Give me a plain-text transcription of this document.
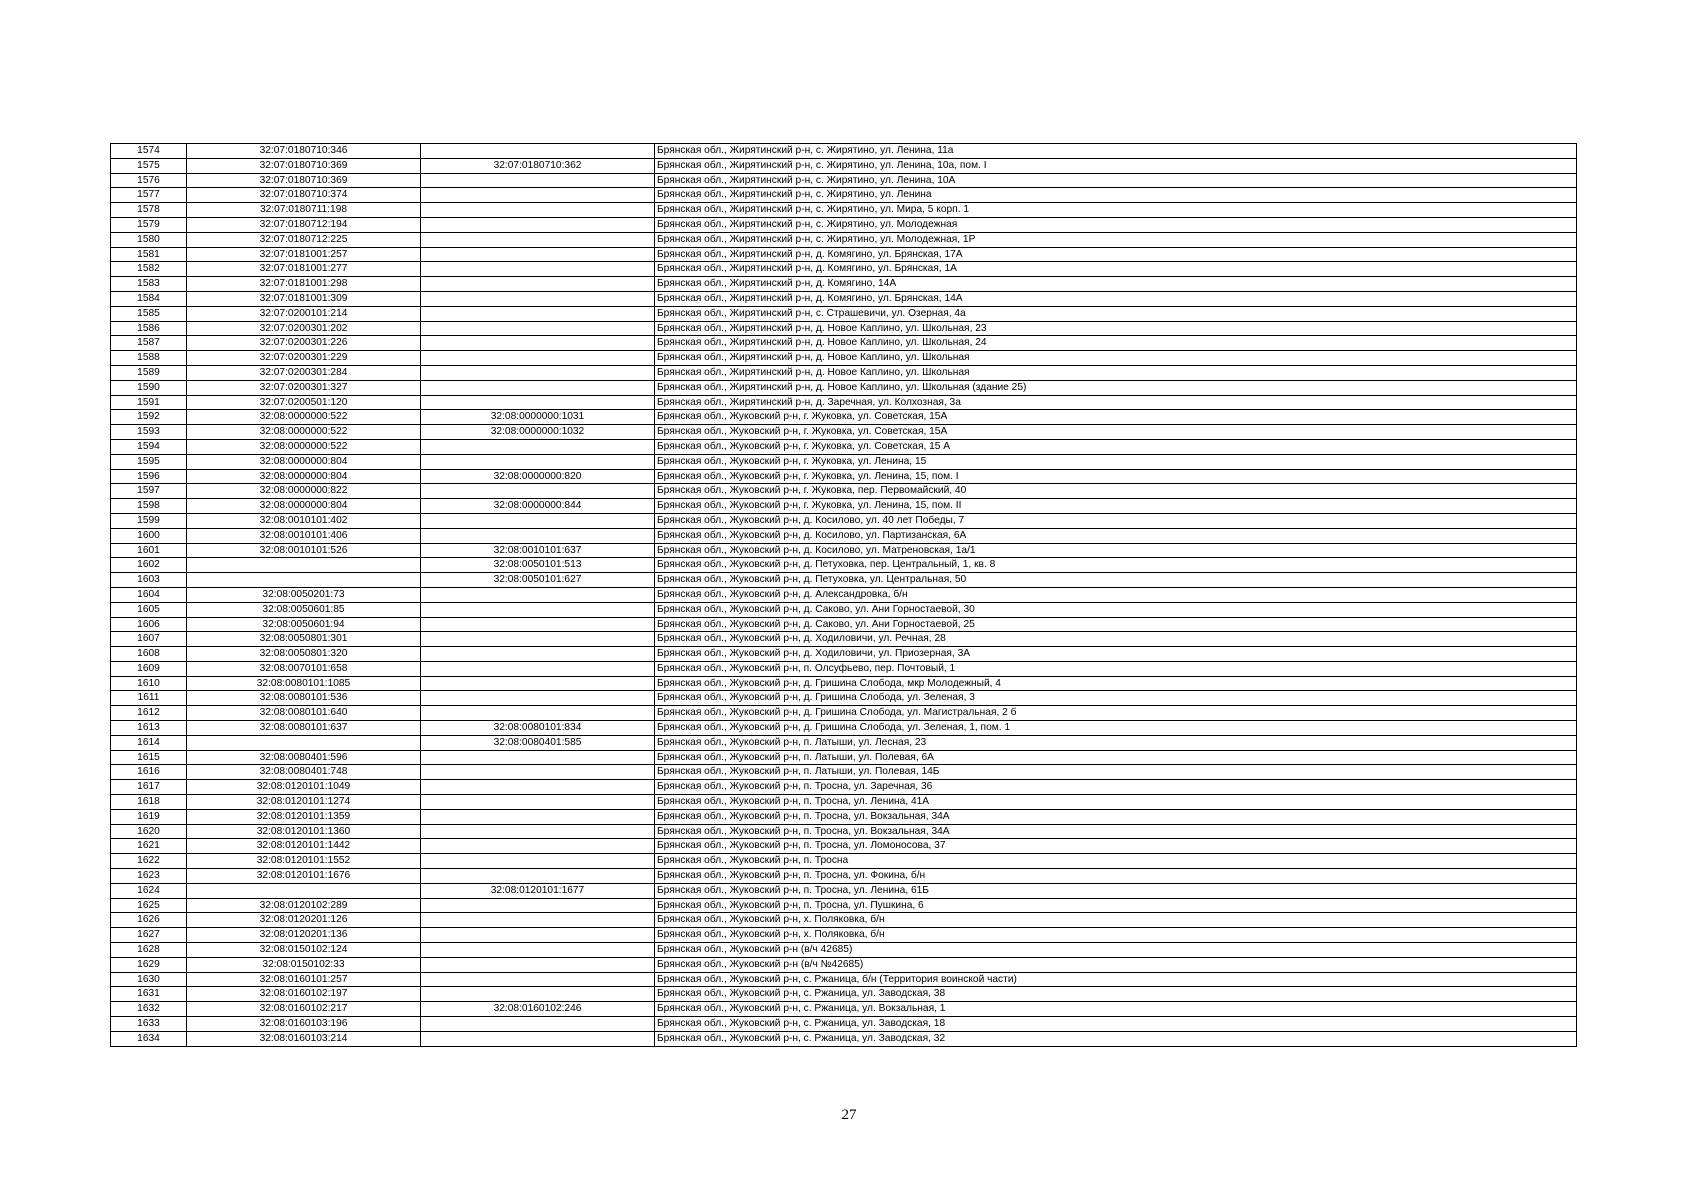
1574	32:07:0180710:346		Брянская обл., Жирятинский р-н, с. Жирятино, ул. Ленина, 11а
1575	32:07:0180710:369	32:07:0180710:362	Брянская обл., Жирятинский р-н, с. Жирятино, ул. Ленина, 10а, пом. I
1576	32:07:0180710:369		Брянская обл., Жирятинский р-н, с. Жирятино, ул. Ленина, 10А
1577	32:07:0180710:374		Брянская обл., Жирятинский р-н, с. Жирятино, ул. Ленина
1578	32:07:0180711:198		Брянская обл., Жирятинский р-н, с. Жирятино, ул. Мира, 5 корп. 1
1579	32:07:0180712:194		Брянская обл., Жирятинский р-н, с. Жирятино, ул. Молодежная
1580	32:07:0180712:225		Брянская обл., Жирятинский р-н, с. Жирятино, ул. Молодежная, 1Р
1581	32:07:0181001:257		Брянская обл., Жирятинский р-н, д. Комягино, ул. Брянская, 17А
1582	32:07:0181001:277		Брянская обл., Жирятинский р-н, д. Комягино, ул. Брянская, 1А
1583	32:07:0181001:298		Брянская обл., Жирятинский р-н, д. Комягино, 14А
1584	32:07:0181001:309		Брянская обл., Жирятинский р-н, д. Комягино, ул. Брянская, 14А
1585	32:07:0200101:214		Брянская обл., Жирятинский р-н, с. Страшевичи, ул. Озерная, 4а
1586	32:07:0200301:202		Брянская обл., Жирятинский р-н, д. Новое Каплино, ул. Школьная, 23
1587	32:07:0200301:226		Брянская обл., Жирятинский р-н, д. Новое Каплино, ул. Школьная, 24
1588	32:07:0200301:229		Брянская обл., Жирятинский р-н, д. Новое Каплино, ул. Школьная
1589	32:07:0200301:284		Брянская обл., Жирятинский р-н, д. Новое Каплино, ул. Школьная
1590	32:07:0200301:327		Брянская обл., Жирятинский р-н, д. Новое Каплино, ул. Школьная (здание 25)
1591	32:07:0200501:120		Брянская обл., Жирятинский р-н, д. Заречная, ул. Колхозная, 3а
1592	32:08:0000000:522	32:08:0000000:1031	Брянская обл., Жуковский р-н, г. Жуковка, ул. Советская, 15А
1593	32:08:0000000:522	32:08:0000000:1032	Брянская обл., Жуковский р-н, г. Жуковка, ул. Советская, 15А
1594	32:08:0000000:522		Брянская обл., Жуковский р-н, г. Жуковка, ул. Советская, 15 А
1595	32:08:0000000:804		Брянская обл., Жуковский р-н, г. Жуковка, ул. Ленина, 15
1596	32:08:0000000:804	32:08:0000000:820	Брянская обл., Жуковский р-н, г. Жуковка, ул. Ленина, 15, пом. I
1597	32:08:0000000:822		Брянская обл., Жуковский р-н, г. Жуковка, пер. Первомайский, 40
1598	32:08:0000000:804	32:08:0000000:844	Брянская обл., Жуковский р-н, г. Жуковка, ул. Ленина, 15, пом. II
1599	32:08:0010101:402		Брянская обл., Жуковский р-н, д. Косилово, ул. 40 лет Победы, 7
1600	32:08:0010101:406		Брянская обл., Жуковский р-н, д. Косилово, ул. Партизанская, 6А
1601	32:08:0010101:526	32:08:0010101:637	Брянская обл., Жуковский р-н, д. Косилово, ул. Матреновская, 1а/1
1602		32:08:0050101:513	Брянская обл., Жуковский р-н, д. Петуховка, пер. Центральный, 1, кв. 8
1603		32:08:0050101:627	Брянская обл., Жуковский р-н, д. Петуховка, ул. Центральная, 50
1604	32:08:0050201:73		Брянская обл., Жуковский р-н, д. Александровка, б/н
1605	32:08:0050601:85		Брянская обл., Жуковский р-н, д. Саково, ул. Ани Горностаевой, 30
1606	32:08:0050601:94		Брянская обл., Жуковский р-н, д. Саково, ул. Ани Горностаевой, 25
1607	32:08:0050801:301		Брянская обл., Жуковский р-н, д. Ходиловичи, ул. Речная, 28
1608	32:08:0050801:320		Брянская обл., Жуковский р-н, д. Ходиловичи, ул. Приозерная, 3А
1609	32:08:0070101:658		Брянская обл., Жуковский р-н, п. Олсуфьево, пер. Почтовый, 1
1610	32:08:0080101:1085		Брянская обл., Жуковский р-н, д. Гришина Слобода, мкр Молодежный, 4
1611	32:08:0080101:536		Брянская обл., Жуковский р-н, д. Гришина Слобода, ул. Зеленая, 3
1612	32:08:0080101:640		Брянская обл., Жуковский р-н, д. Гришина Слобода, ул. Магистральная, 2 б
1613	32:08:0080101:637	32:08:0080101:834	Брянская обл., Жуковский р-н, д. Гришина Слобода, ул. Зеленая, 1, пом. 1
1614		32:08:0080401:585	Брянская обл., Жуковский р-н, п. Латыши, ул. Лесная, 23
1615	32:08:0080401:596		Брянская обл., Жуковский р-н, п. Латыши, ул. Полевая, 6А
1616	32:08:0080401:748		Брянская обл., Жуковский р-н, п. Латыши, ул. Полевая, 14Б
1617	32:08:0120101:1049		Брянская обл., Жуковский р-н, п. Тросна, ул. Заречная, 36
1618	32:08:0120101:1274		Брянская обл., Жуковский р-н, п. Тросна, ул. Ленина, 41А
1619	32:08:0120101:1359		Брянская обл., Жуковский р-н, п. Тросна, ул. Вокзальная, 34А
1620	32:08:0120101:1360		Брянская обл., Жуковский р-н, п. Тросна, ул. Вокзальная, 34А
1621	32:08:0120101:1442		Брянская обл., Жуковский р-н, п. Тросна, ул. Ломоносова, 37
1622	32:08:0120101:1552		Брянская обл., Жуковский р-н, п. Тросна
1623	32:08:0120101:1676		Брянская обл., Жуковский р-н, п. Тросна, ул. Фокина, б/н
1624		32:08:0120101:1677	Брянская обл., Жуковский р-н, п. Тросна, ул. Ленина, 61Б
1625	32:08:0120102:289		Брянская обл., Жуковский р-н, п. Тросна, ул. Пушкина, 6
1626	32:08:0120201:126		Брянская обл., Жуковский р-н, х. Поляковка, б/н
1627	32:08:0120201:136		Брянская обл., Жуковский р-н, х. Поляковка, б/н
1628	32:08:0150102:124		Брянская обл., Жуковский р-н (в/ч 42685)
1629	32:08:0150102:33		Брянская обл., Жуковский р-н (в/ч №42685)
1630	32:08:0160101:257		Брянская обл., Жуковский р-н, с. Ржаница, б/н (Территория воинской части)
1631	32:08:0160102:197		Брянская обл., Жуковский р-н, с. Ржаница, ул. Заводская, 38
1632	32:08:0160102:217	32:08:0160102:246	Брянская обл., Жуковский р-н, с. Ржаница, ул. Вокзальная, 1
1633	32:08:0160103:196		Брянская обл., Жуковский р-н, с. Ржаница, ул. Заводская, 18
1634	32:08:0160103:214		Брянская обл., Жуковский р-н, с. Ржаница, ул. Заводская, 32
27
